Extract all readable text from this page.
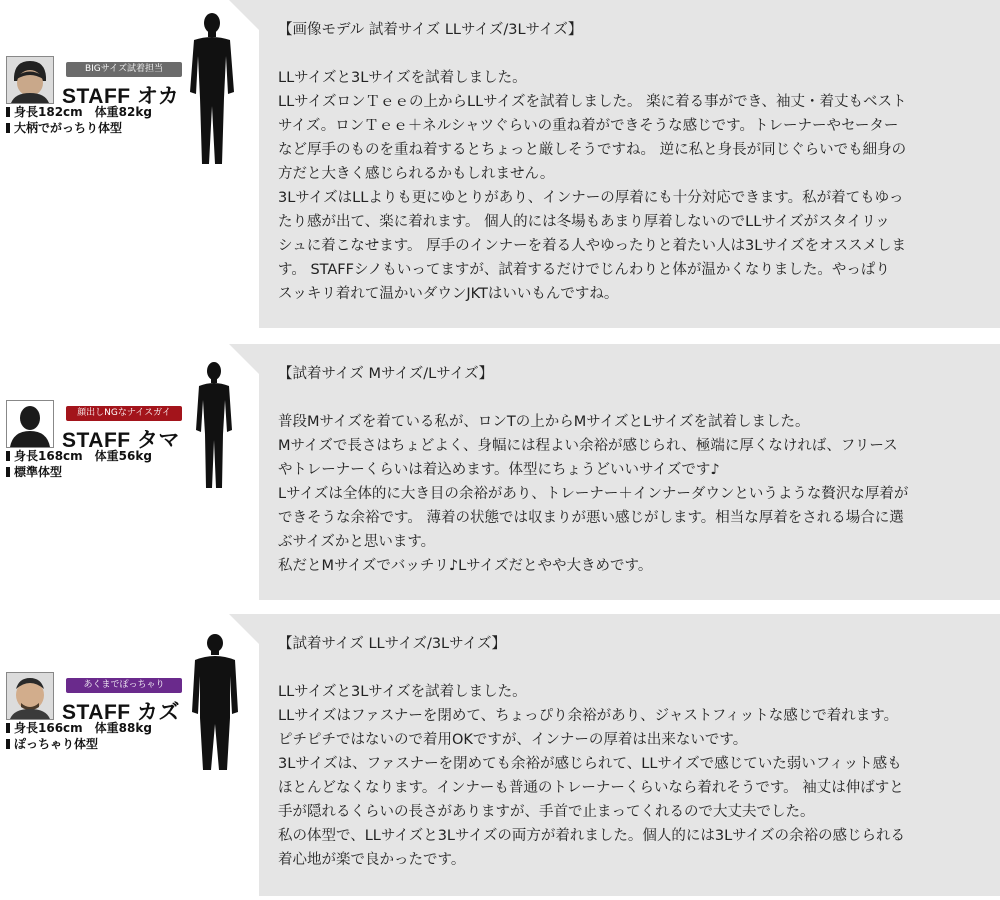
BIGサイズ試着担当
STAFF オカ
身長182cm　体重82kg
大柄でがっちり体型

【画像モデル 試着サイズ LLサイズ/3Lサイズ】

LLサイズと3Lサイズを試着しました。
LLサイズロンＴｅｅの上からLLサイズを試着しました。 楽に着る事ができ、袖丈・着丈もベスト
サイズ。ロンＴｅｅ＋ネルシャツぐらいの重ね着ができそうな感じです。トレーナーやセーター
など厚手のものを重ね着するとちょっと厳しそうですね。 逆に私と身長が同じぐらいでも細身の
方だと大きく感じられるかもしれません。
3LサイズはLLよりも更にゆとりがあり、インナーの厚着にも十分対応できます。私が着てもゆっ
たり感が出て、楽に着れます。 個人的には冬場もあまり厚着しないのでLLサイズがスタイリッ
シュに着こなせます。 厚手のインナーを着る人やゆったりと着たい人は3Lサイズをオススメしま
す。 STAFFシノもいってますが、試着するだけでじんわりと体が温かくなりました。やっぱり
スッキリ着れて温かいダウンJKTはいいもんですね。

顔出しNGなナイスガイ
STAFF タマ
身長168cm　体重56kg
標準体型

【試着サイズ Mサイズ/Lサイズ】

普段Mサイズを着ている私が、ロンTの上からMサイズとLサイズを試着しました。
Mサイズで長さはちょどよく、身幅には程よい余裕が感じられ、極端に厚くなければ、フリース
やトレーナーくらいは着込めます。体型にちょうどいいサイズです♪
Lサイズは全体的に大き目の余裕があり、トレーナー＋インナーダウンというような贅沢な厚着が
できそうな余裕です。 薄着の状態では収まりが悪い感じがします。相当な厚着をされる場合に選
ぶサイズかと思います。
私だとMサイズでバッチリ♪Lサイズだとやや大きめです。

あくまでぽっちゃり
STAFF カズ
身長166cm　体重88kg
ぽっちゃり体型

【試着サイズ LLサイズ/3Lサイズ】

LLサイズと3Lサイズを試着しました。
LLサイズはファスナーを閉めて、ちょっぴり余裕があり、ジャストフィットな感じで着れます。
ピチピチではないので着用OKですが、インナーの厚着は出来ないです。
3Lサイズは、ファスナーを閉めても余裕が感じられて、LLサイズで感じていた弱いフィット感も
ほとんどなくなります。インナーも普通のトレーナーくらいなら着れそうです。 袖丈は伸ばすと
手が隠れるくらいの長さがありますが、手首で止まってくれるので大丈夫でした。
私の体型で、LLサイズと3Lサイズの両方が着れました。個人的には3Lサイズの余裕の感じられる
着心地が楽で良かったです。
